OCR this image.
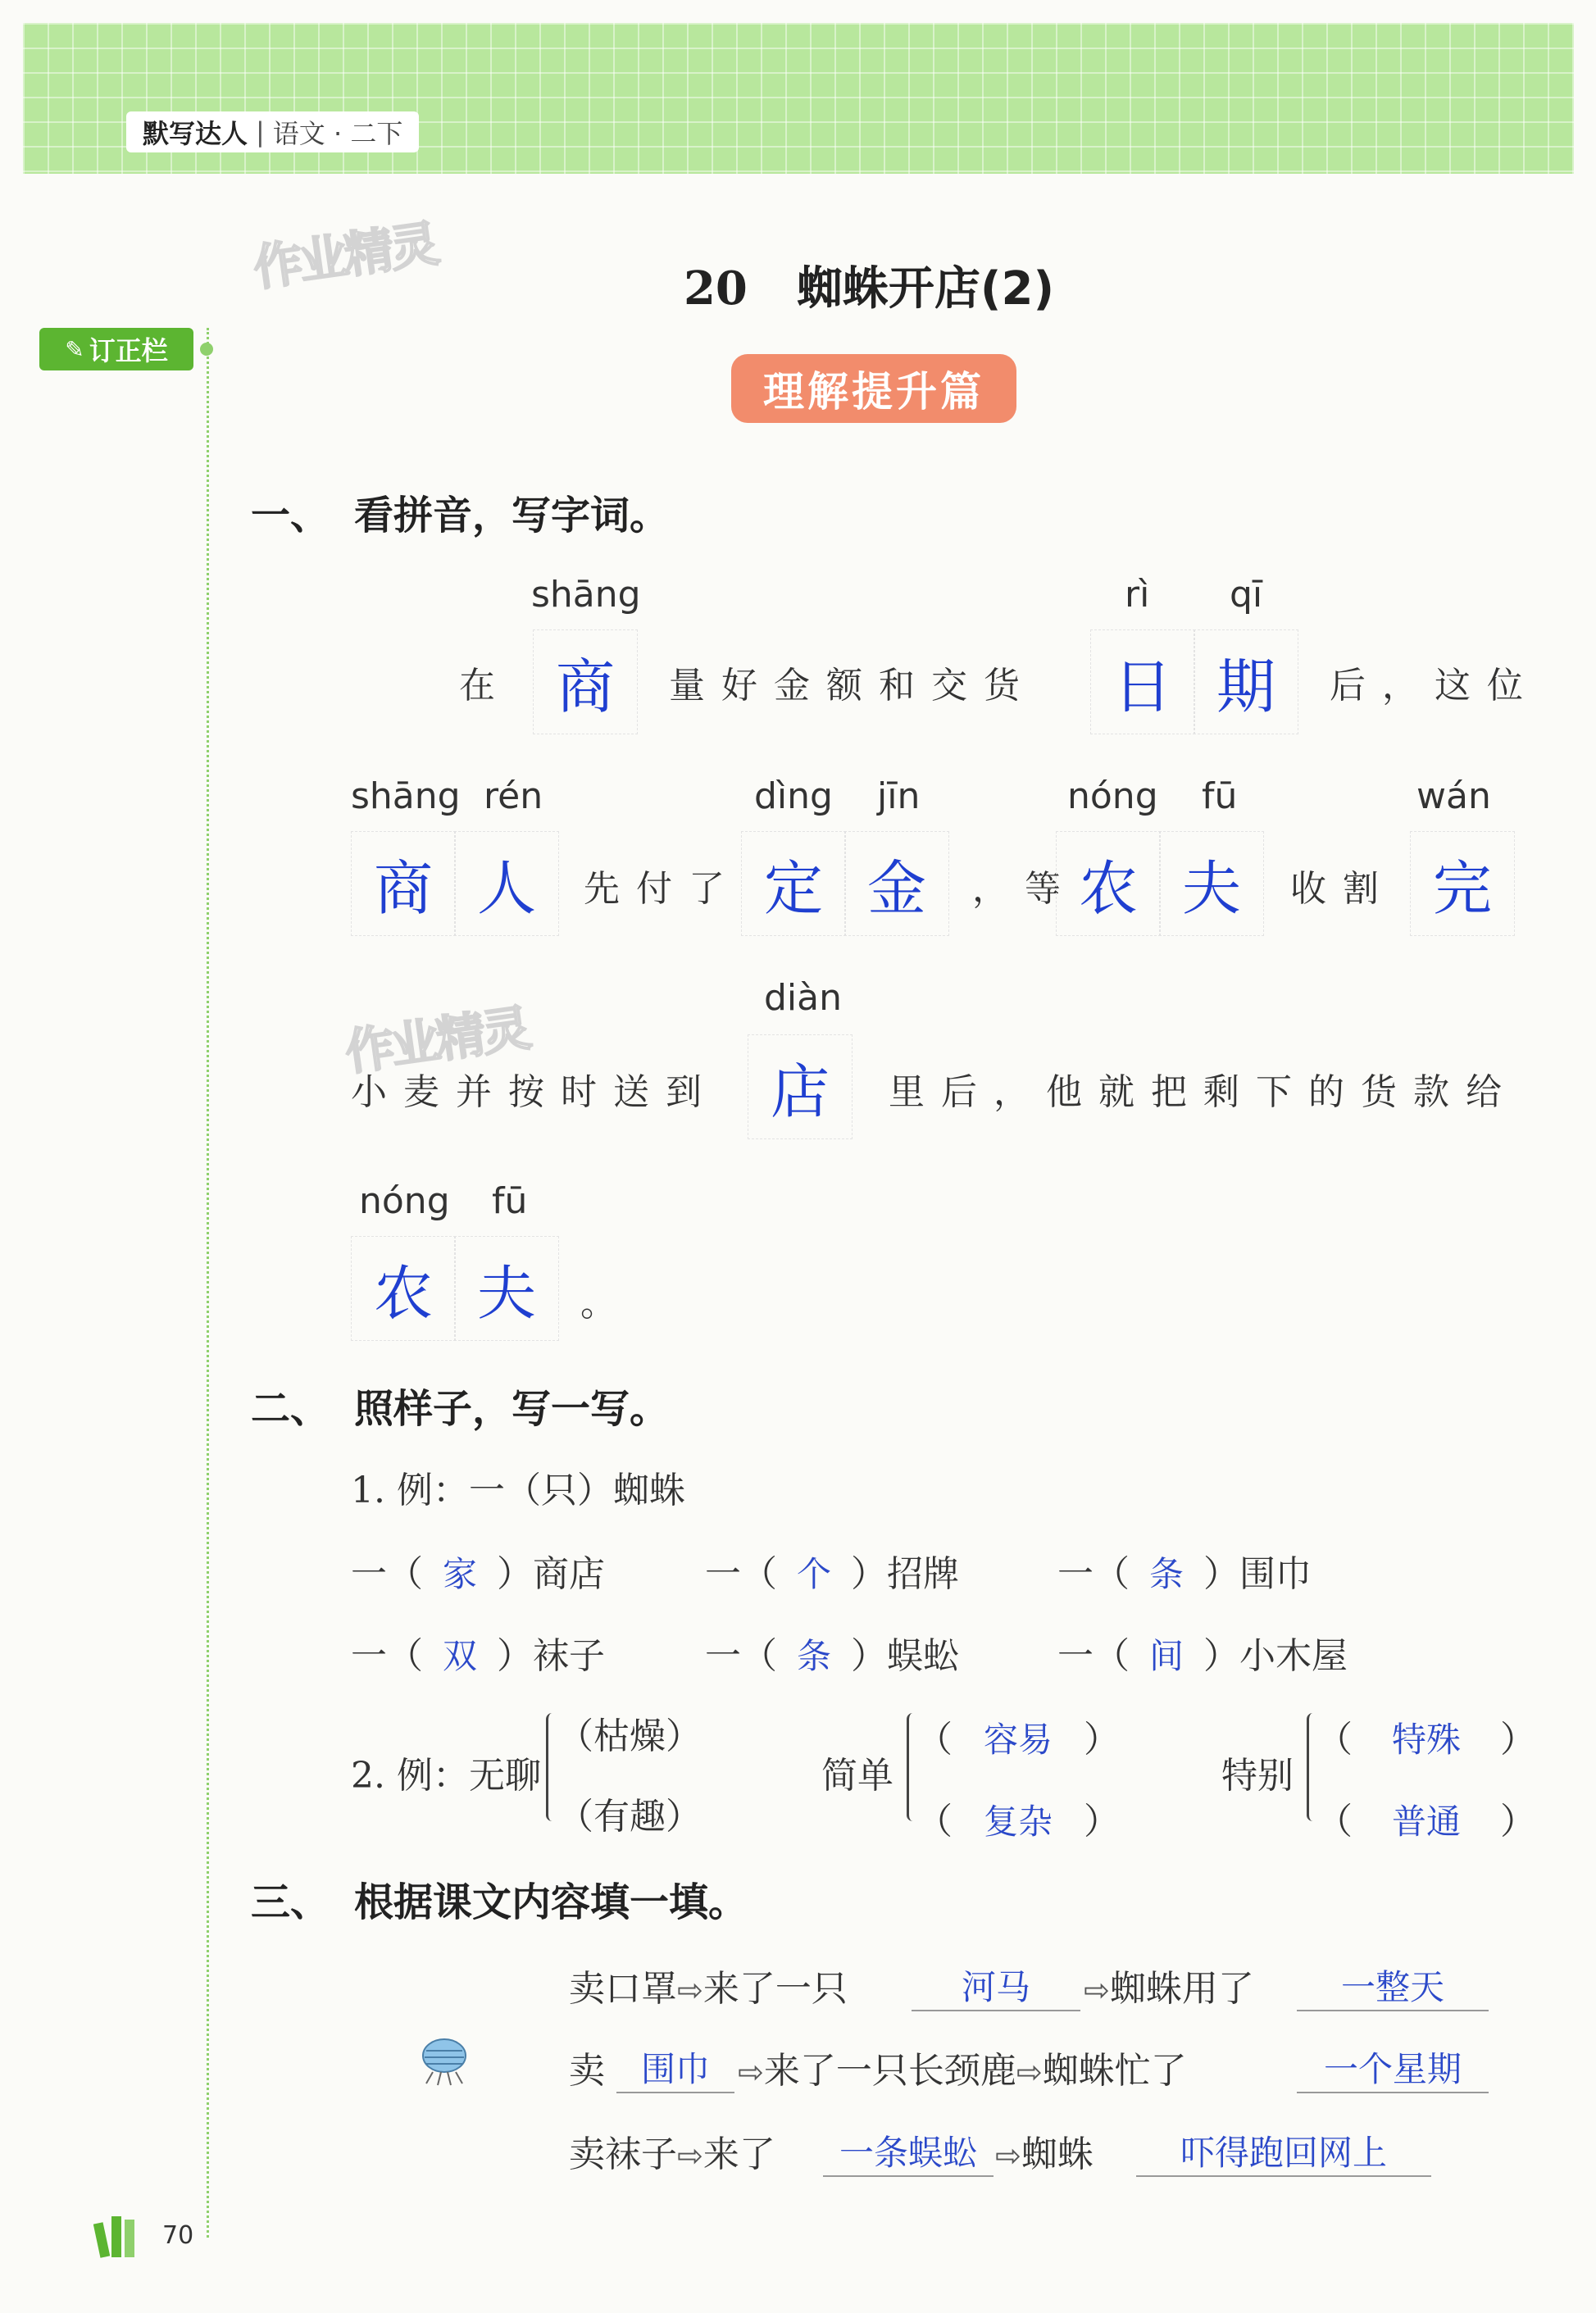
默写达人 | 语文 · 二下
作业精灵
作业精灵
✎ 订正栏
20 蜘蛛开店(2)
理解提升篇
一、 看拼音，写字词。
shāng	rì qī
在 商	量好金额和交货	日 期	后，这位
shāng rén	dìng jīn	nóng fū	wán
商 人	先付了 定 金	，等 农 夫	收割 完
diàn
小麦并按时送到 店	里后，他就把剩下的货款给
nóng fū
农 夫	。
二、 照样子，写一写。
1. 例：一（只）蜘蛛
一（ 家 ）商店	一（ 个 ）招牌	一（ 条 ）围巾
一（ 双 ）袜子	一（ 条 ）蜈蚣	一（ 间 ）小木屋
2. 例：无聊
（枯燥）
（有趣）
简单
（ 容易 ）
（ 复杂 ）
特别
（ 特殊 ）
（ 普通 ）
三、 根据课文内容填一填。
卖口罩⇨来了一只	河马	⇨蜘蛛用了	一整天
卖	围巾 ⇨来了一只长颈鹿⇨蜘蛛忙了	一个星期
卖袜子⇨来了	一条蜈蚣 ⇨蜘蛛	吓得跑回网上
70
